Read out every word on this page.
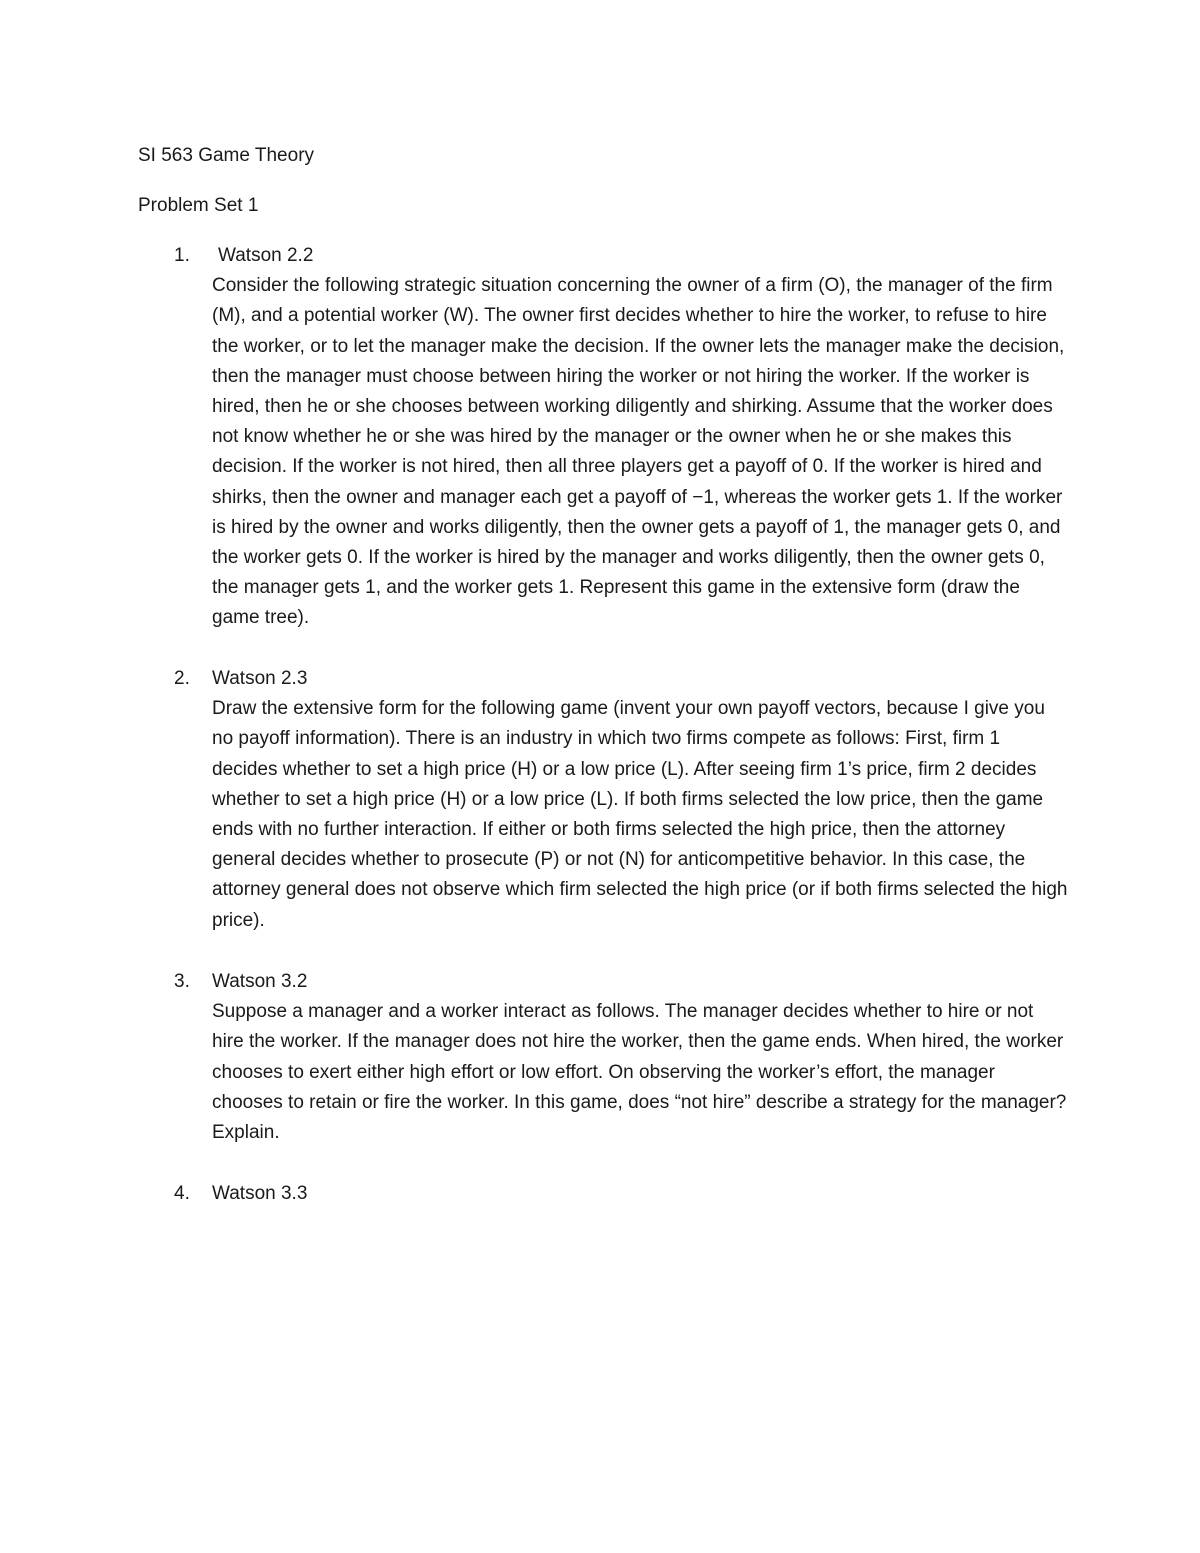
SI 563 Game Theory
Problem Set 1
1.	Watson 2.2

Consider the following strategic situation concerning the owner of a firm (O), the manager of the firm (M), and a potential worker (W). The owner first decides whether to hire the worker, to refuse to hire the worker, or to let the manager make the decision. If the owner lets the manager make the decision, then the manager must choose between hiring the worker or not hiring the worker. If the worker is hired, then he or she chooses between working diligently and shirking. Assume that the worker does not know whether he or she was hired by the manager or the owner when he or she makes this decision. If the worker is not hired, then all three players get a payoff of 0. If the worker is hired and shirks, then the owner and manager each get a payoff of −1, whereas the worker gets 1. If the worker is hired by the owner and works diligently, then the owner gets a payoff of 1, the manager gets 0, and the worker gets 0. If the worker is hired by the manager and works diligently, then the owner gets 0, the manager gets 1, and the worker gets 1. Represent this game in the extensive form (draw the game tree).

2.	Watson 2.3

Draw the extensive form for the following game (invent your own payoff vectors, because I give you no payoff information). There is an industry in which two firms compete as follows: First, firm 1 decides whether to set a high price (H) or a low price (L). After seeing firm 1’s price, firm 2 decides whether to set a high price (H) or a low price (L). If both firms selected the low price, then the game ends with no further interaction. If either or both firms selected the high price, then the attorney general decides whether to prosecute (P) or not (N) for anticompetitive behavior. In this case, the attorney general does not observe which firm selected the high price (or if both firms selected the high price).

3.	Watson 3.2

Suppose a manager and a worker interact as follows. The manager decides whether to hire or not hire the worker. If the manager does not hire the worker, then the game ends. When hired, the worker chooses to exert either high effort or low effort. On observing the worker’s effort, the manager chooses to retain or fire the worker. In this game, does “not hire” describe a strategy for the manager? Explain.

4.	Watson 3.3
